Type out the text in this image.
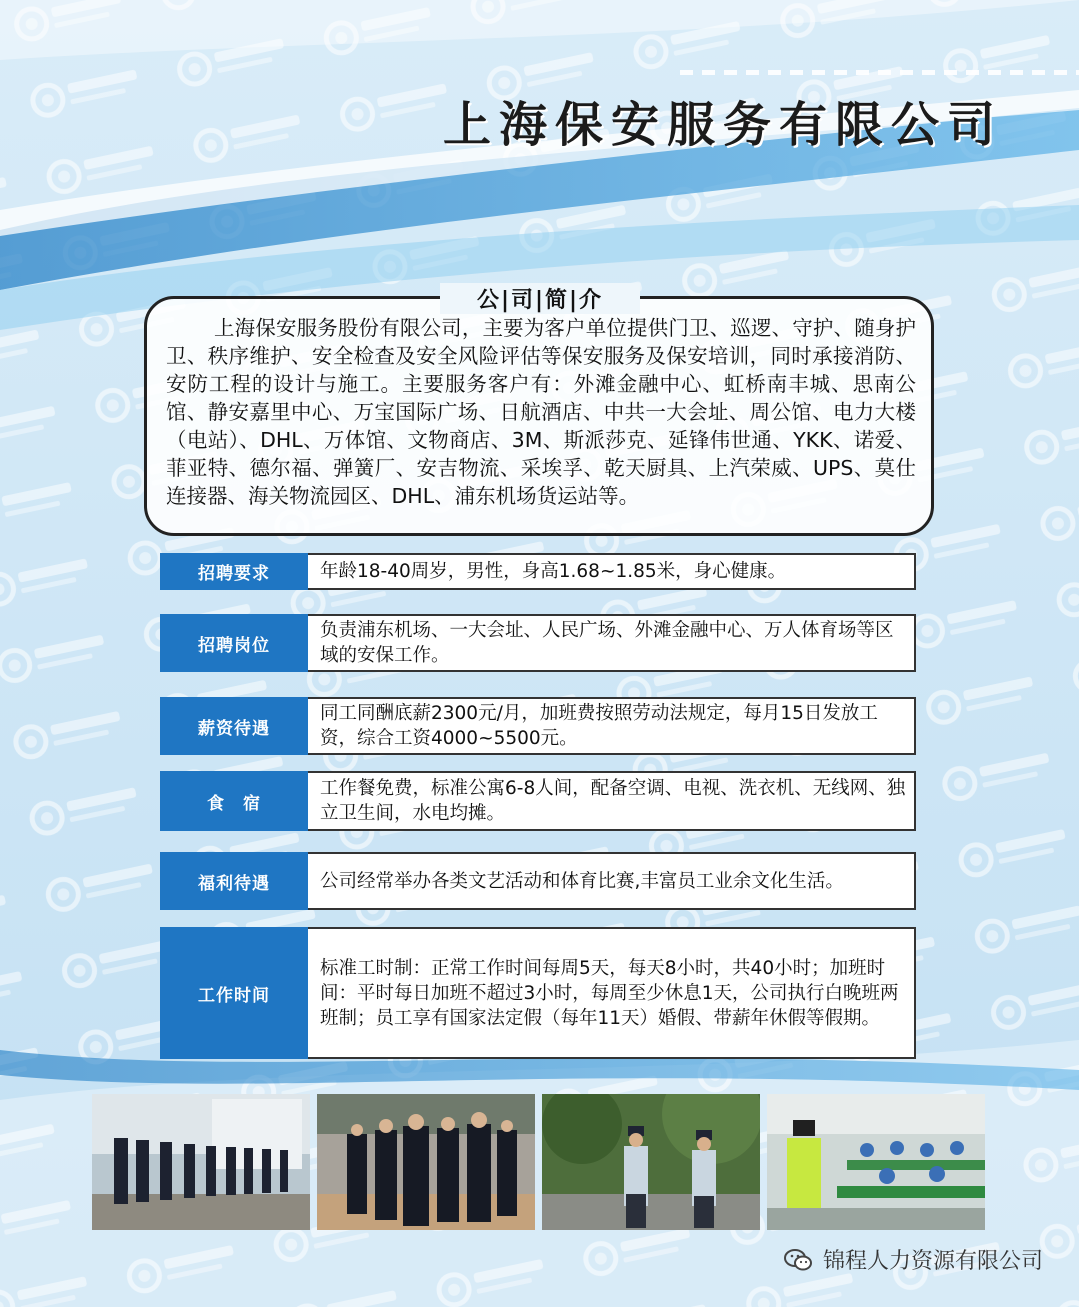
上海保安服务有限公司
公|司|简|介

上海保安服务股份有限公司，主要为客户单位提供门卫、巡逻、守护、随身护卫、秩序维护、安全检查及安全风险评估等保安服务及保安培训，同时承接消防、安防工程的设计与施工。主要服务客户有：外滩金融中心、虹桥南丰城、思南公馆、静安嘉里中心、万宝国际广场、日航酒店、中共一大会址、周公馆、电力大楼（电站）、DHL、万体馆、文物商店、3M、斯派莎克、延锋伟世通、YKK、诺爱、菲亚特、德尔福、弹簧厂、安吉物流、采埃孚、乾天厨具、上汽荣威、UPS、莫仕连接器、海关物流园区、DHL、浦东机场货运站等。

招聘要求	年龄18-40周岁，男性，身高1.68~1.85米，身心健康。
招聘岗位
负责浦东机场、一大会址、人民广场、外滩金融中心、万人体育场等区域的安保工作。
薪资待遇
同工同酬底薪2300元/月，加班费按照劳动法规定，每月15日发放工资，综合工资4000~5500元。
食　宿
工作餐免费，标准公寓6-8人间，配备空调、电视、洗衣机、无线网、独立卫生间，水电均摊。
福利待遇	公司经常举办各类文艺活动和体育比赛,丰富员工业余文化生活。
工作时间
标准工时制：正常工作时间每周5天，每天8小时，共40小时；加班时间：平时每日加班不超过3小时，每周至少休息1天，公司执行白晚班两班制；员工享有国家法定假（每年11天）婚假、带薪年休假等假期。
锦程人力资源有限公司
